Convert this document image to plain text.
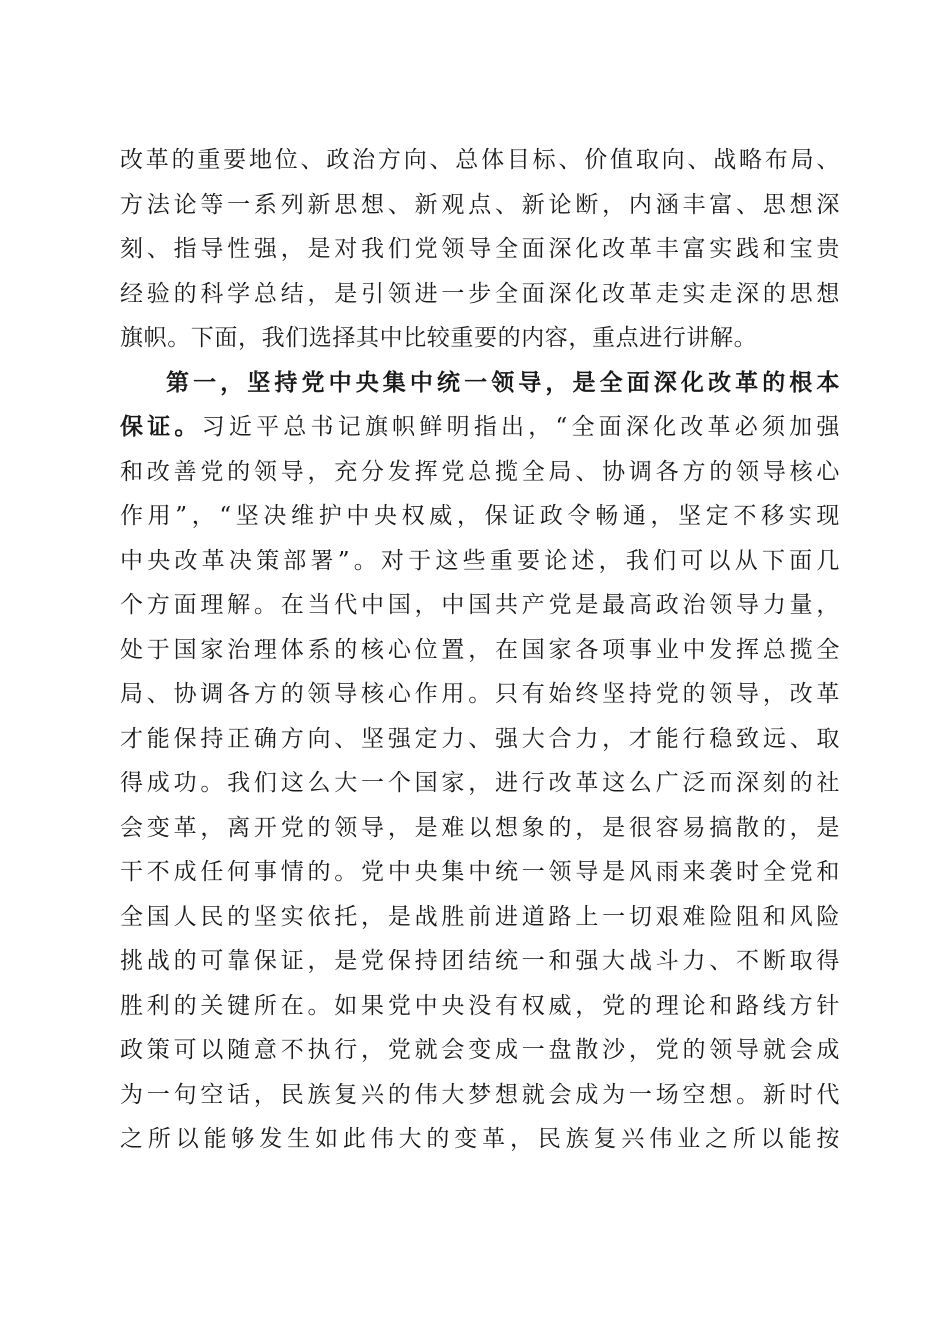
改革的重要地位、政治方向、总体目标、价值取向、战略布局、
方法论等一系列新思想、新观点、新论断，内涵丰富、思想深
刻、指导性强，是对我们党领导全面深化改革丰富实践和宝贵
经验的科学总结，是引领进一步全面深化改革走实走深的思想
旗帜。下面，我们选择其中比较重要的内容，重点进行讲解。
第一，坚持党中央集中统一领导，是全面深化改革的根本
保证。习近平总书记旗帜鲜明指出，“全面深化改革必须加强
和改善党的领导，充分发挥党总揽全局、协调各方的领导核心
作用”，“坚决维护中央权威，保证政令畅通，坚定不移实现
中央改革决策部署”。对于这些重要论述，我们可以从下面几
个方面理解。在当代中国，中国共产党是最高政治领导力量，
处于国家治理体系的核心位置，在国家各项事业中发挥总揽全
局、协调各方的领导核心作用。只有始终坚持党的领导，改革
才能保持正确方向、坚强定力、强大合力，才能行稳致远、取
得成功。我们这么大一个国家，进行改革这么广泛而深刻的社
会变革，离开党的领导，是难以想象的，是很容易搞散的，是
干不成任何事情的。党中央集中统一领导是风雨来袭时全党和
全国人民的坚实依托，是战胜前进道路上一切艰难险阻和风险
挑战的可靠保证，是党保持团结统一和强大战斗力、不断取得
胜利的关键所在。如果党中央没有权威，党的理论和路线方针
政策可以随意不执行，党就会变成一盘散沙，党的领导就会成
为一句空话，民族复兴的伟大梦想就会成为一场空想。新时代
之所以能够发生如此伟大的变革，民族复兴伟业之所以能按
